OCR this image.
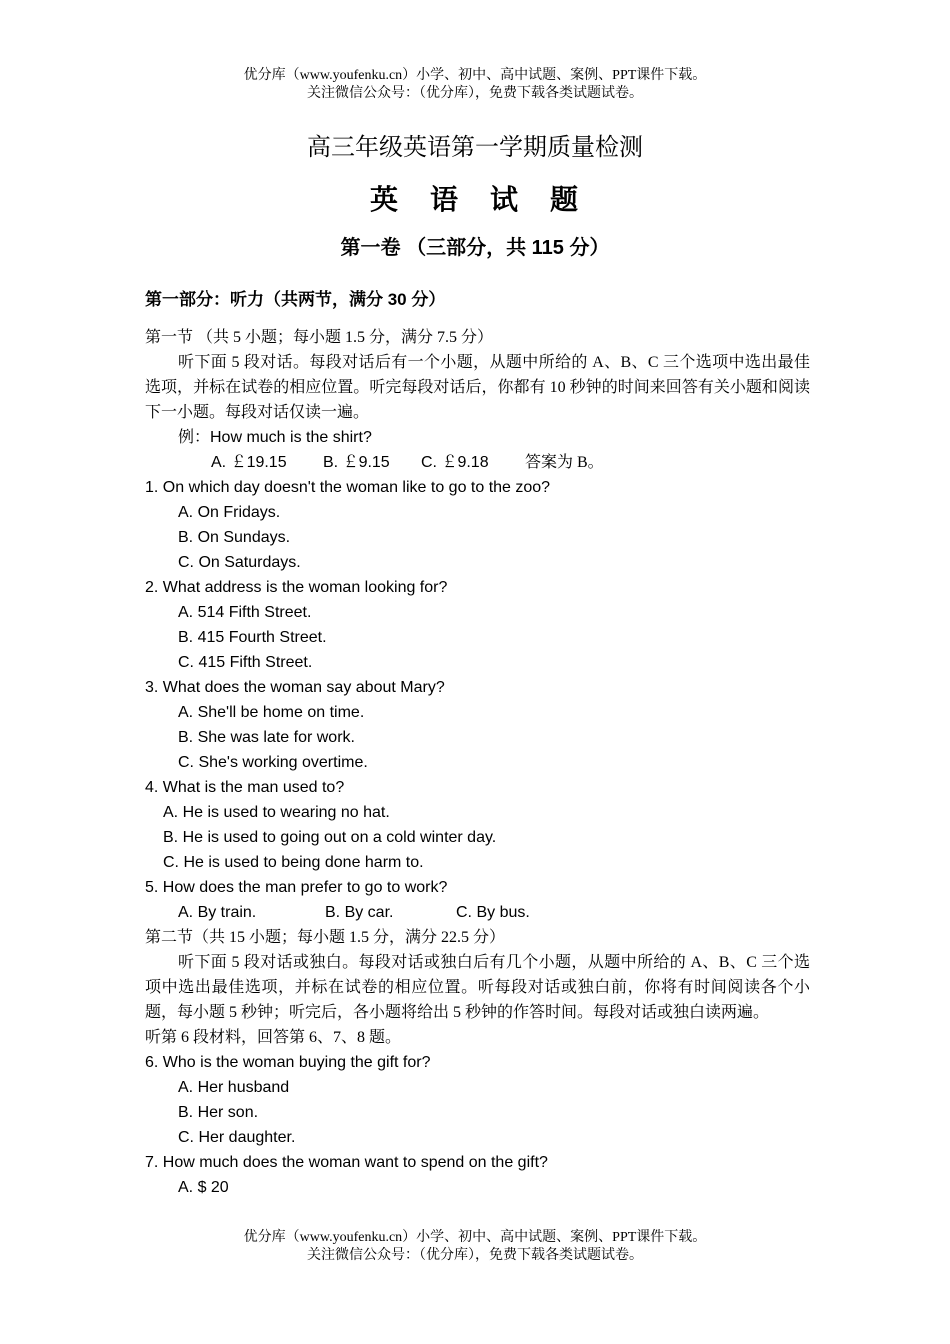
优分库（www.youfenku.cn）小学、初中、高中试题、案例、PPT课件下载。
关注微信公众号：（优分库），免费下载各类试题试卷。
高三年级英语第一学期质量检测
英　语　试　题
第一卷 （三部分，共 115 分）
第一部分：听力（共两节，满分 30 分）
第一节 （共 5 小题；每小题 1.5 分，满分 7.5 分）
听下面 5 段对话。每段对话后有一个小题，从题中所给的 A、B、C 三个选项中选出最佳选项，并标在试卷的相应位置。听完每段对话后，你都有 10 秒钟的时间来回答有关小题和阅读下一小题。每段对话仅读一遍。
例：How much is the shirt?
A. ￡19.15 B. ￡9.15 C. ￡9.18 答案为 B。
1. On which day doesn't the woman like to go to the zoo?
A. On Fridays.
B. On Sundays.
C. On Saturdays.
2. What address is the woman looking for?
A. 514 Fifth Street.
B. 415 Fourth Street.
C. 415 Fifth Street.
3. What does the woman say about Mary?
A. She'll be home on time.
B. She was late for work.
C. She's working overtime.
4. What is the man used to?
A. He is used to wearing no hat.
B. He is used to going out on a cold winter day.
C. He is used to being done harm to.
5. How does the man prefer to go to work?
A. By train.	B. By car.	C. By bus.
第二节（共 15 小题；每小题 1.5 分，满分 22.5 分）
听下面 5 段对话或独白。每段对话或独白后有几个小题，从题中所给的 A、B、C 三个选项中选出最佳选项，并标在试卷的相应位置。听每段对话或独白前，你将有时间阅读各个小题，每小题 5 秒钟；听完后，各小题将给出 5 秒钟的作答时间。每段对话或独白读两遍。
听第 6 段材料，回答第 6、7、8 题。
6. Who is the woman buying the gift for?
A. Her husband
B. Her son.
C. Her daughter.
7. How much does the woman want to spend on the gift?
A. $ 20
优分库（www.youfenku.cn）小学、初中、高中试题、案例、PPT课件下载。
关注微信公众号：（优分库），免费下载各类试题试卷。
